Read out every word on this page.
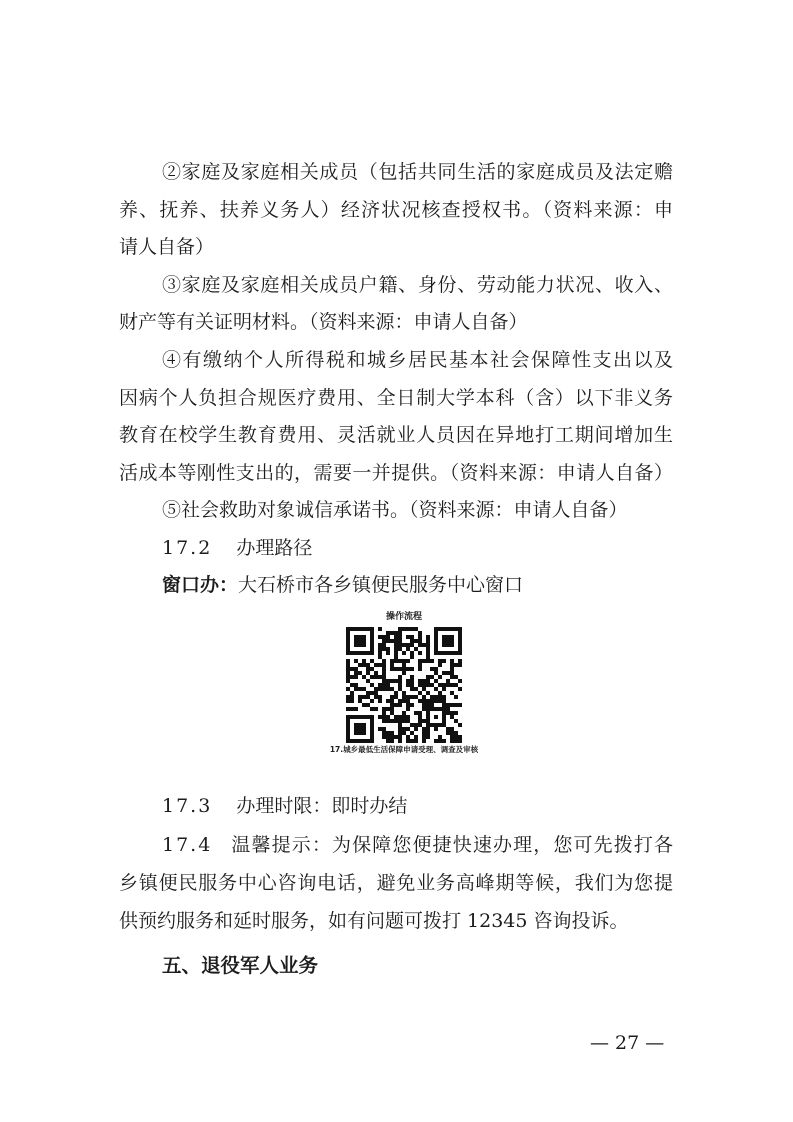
②家庭及家庭相关成员（包括共同生活的家庭成员及法定赡
养、抚养、扶养义务人）经济状况核查授权书。（资料来源：申
请人自备）
③家庭及家庭相关成员户籍、身份、劳动能力状况、收入、
财产等有关证明材料。（资料来源：申请人自备）
④有缴纳个人所得税和城乡居民基本社会保障性支出以及
因病个人负担合规医疗费用、全日制大学本科（含）以下非义务
教育在校学生教育费用、灵活就业人员因在异地打工期间增加生
活成本等刚性支出的，需要一并提供。（资料来源：申请人自备）
⑤社会救助对象诚信承诺书。（资料来源：申请人自备）
17.2 办理路径
窗口办：大石桥市各乡镇便民服务中心窗口
操作流程
17.城乡最低生活保障申请受理、调查及审核
17.3 办理时限：即时办结
17.4 温馨提示：为保障您便捷快速办理，您可先拨打各
乡镇便民服务中心咨询电话，避免业务高峰期等候，我们为您提
供预约服务和延时服务，如有问题可拨打 12345 咨询投诉。
五、退役军人业务
— 27 —
